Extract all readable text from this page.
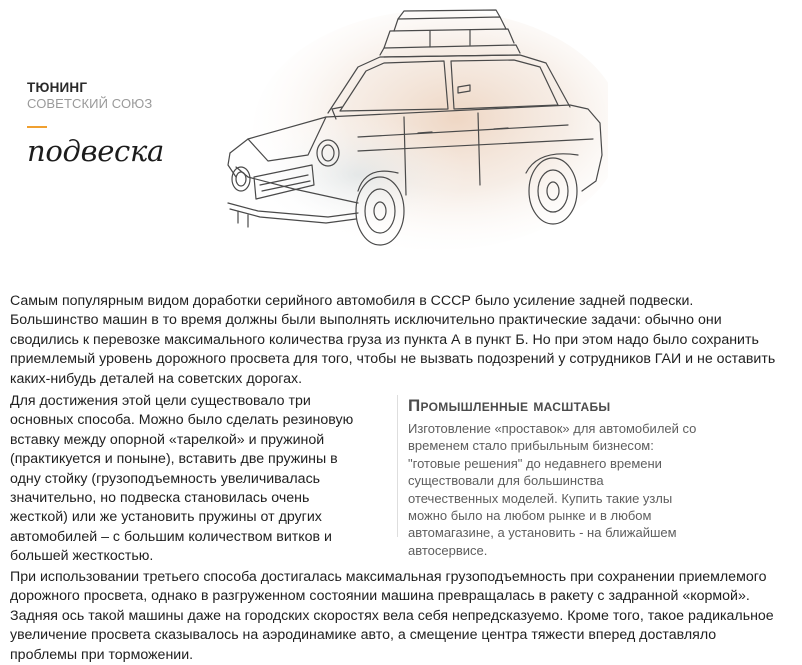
ТЮНИНГ
СОВЕТСКИЙ СОЮЗ
подвеска

Самым популярным видом доработки серийного автомобиля в СССР было усиление задней подвески. Большинство машин в то время должны были выполнять исключительно практические задачи: обычно они сводились к перевозке максимального количества груза из пункта А в пункт Б. Но при этом надо было сохранить приемлемый уровень дорожного просвета для того, чтобы не вызвать подозрений у сотрудников ГАИ и не оставить каких-нибудь деталей на советских дорогах.

Для достижения этой цели существовало три основных способа. Можно было сделать резиновую вставку между опорной «тарелкой» и пружиной (практикуется и поныне), вставить две пружины в одну стойку (грузоподъемность увеличивалась значительно, но подвеска становилась очень жесткой) или же установить пружины от других автомобилей – с большим количеством витков и большей жесткостью.

Промышленные масштабы

Изготовление «проставок» для автомобилей со временем стало прибыльным бизнесом: "готовые решения" до недавнего времени существовали для большинства отечественных моделей. Купить такие узлы можно было на любом рынке и в любом автомагазине, а установить - на ближайшем автосервисе.

При использовании третьего способа достигалась максимальная грузоподъемность при сохранении приемлемого дорожного просвета, однако в разгруженном состоянии машина превращалась в ракету с задранной «кормой». Задняя ось такой машины даже на городских скоростях вела себя непредсказуемо. Кроме того, такое радикальное увеличение просвета сказывалось на аэродинамике авто, а смещение центра тяжести вперед доставляло проблемы при торможении.
